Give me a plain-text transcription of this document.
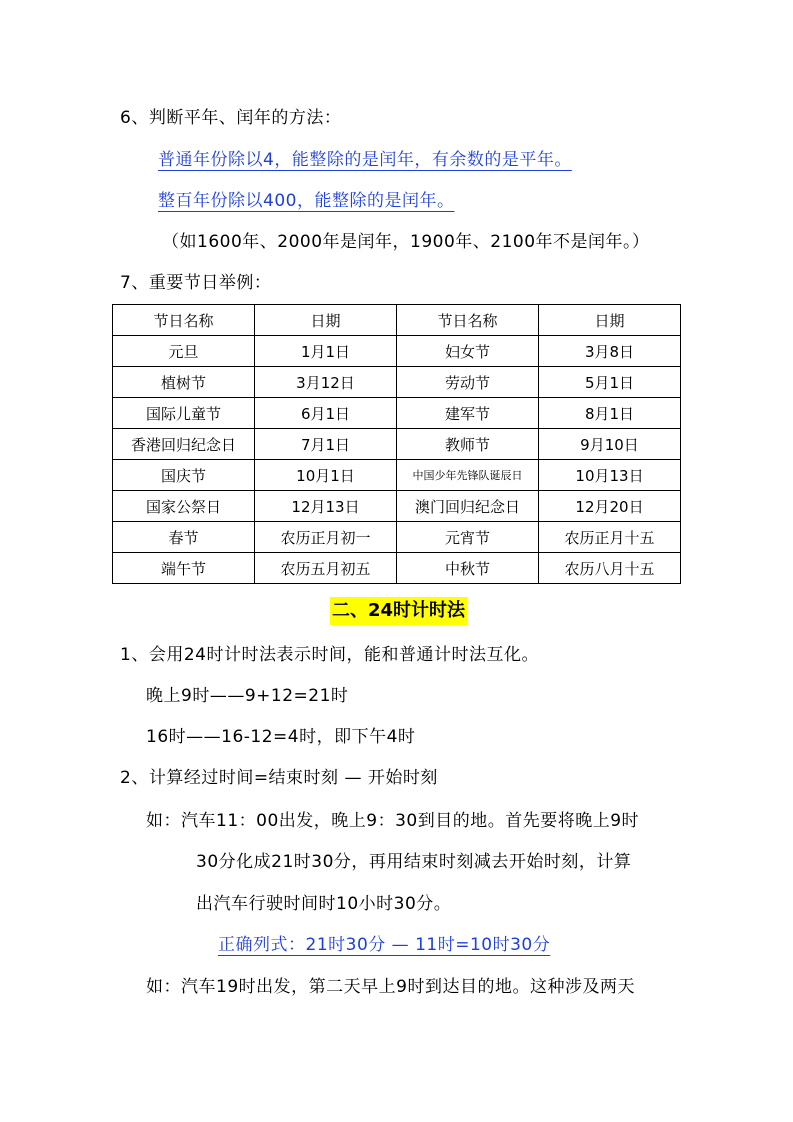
6、判断平年、闰年的方法：
普通年份除以4，能整除的是闰年，有余数的是平年。
整百年份除以400，能整除的是闰年。
（如1600年、2000年是闰年，1900年、2100年不是闰年。）
7、重要节日举例：
节日名称	日期	节日名称	日期
元旦	1月1日	妇女节	3月8日
植树节	3月12日	劳动节	5月1日
国际儿童节	6月1日	建军节	8月1日
香港回归纪念日	7月1日	教师节	9月10日
国庆节	10月1日	中国少年先锋队诞辰日	10月13日
国家公祭日	12月13日	澳门回归纪念日	12月20日
春节	农历正月初一	元宵节	农历正月十五
端午节	农历五月初五	中秋节	农历八月十五
二、24时计时法
1、会用24时计时法表示时间，能和普通计时法互化。
晚上9时——9+12=21时
16时——16-12=4时，即下午4时
2、计算经过时间=结束时刻 — 开始时刻
如：汽车11：00出发，晚上9：30到目的地。首先要将晚上9时
30分化成21时30分，再用结束时刻减去开始时刻，计算
出汽车行驶时间时10小时30分。
正确列式：21时30分 — 11时=10时30分
如：汽车19时出发，第二天早上9时到达目的地。这种涉及两天
